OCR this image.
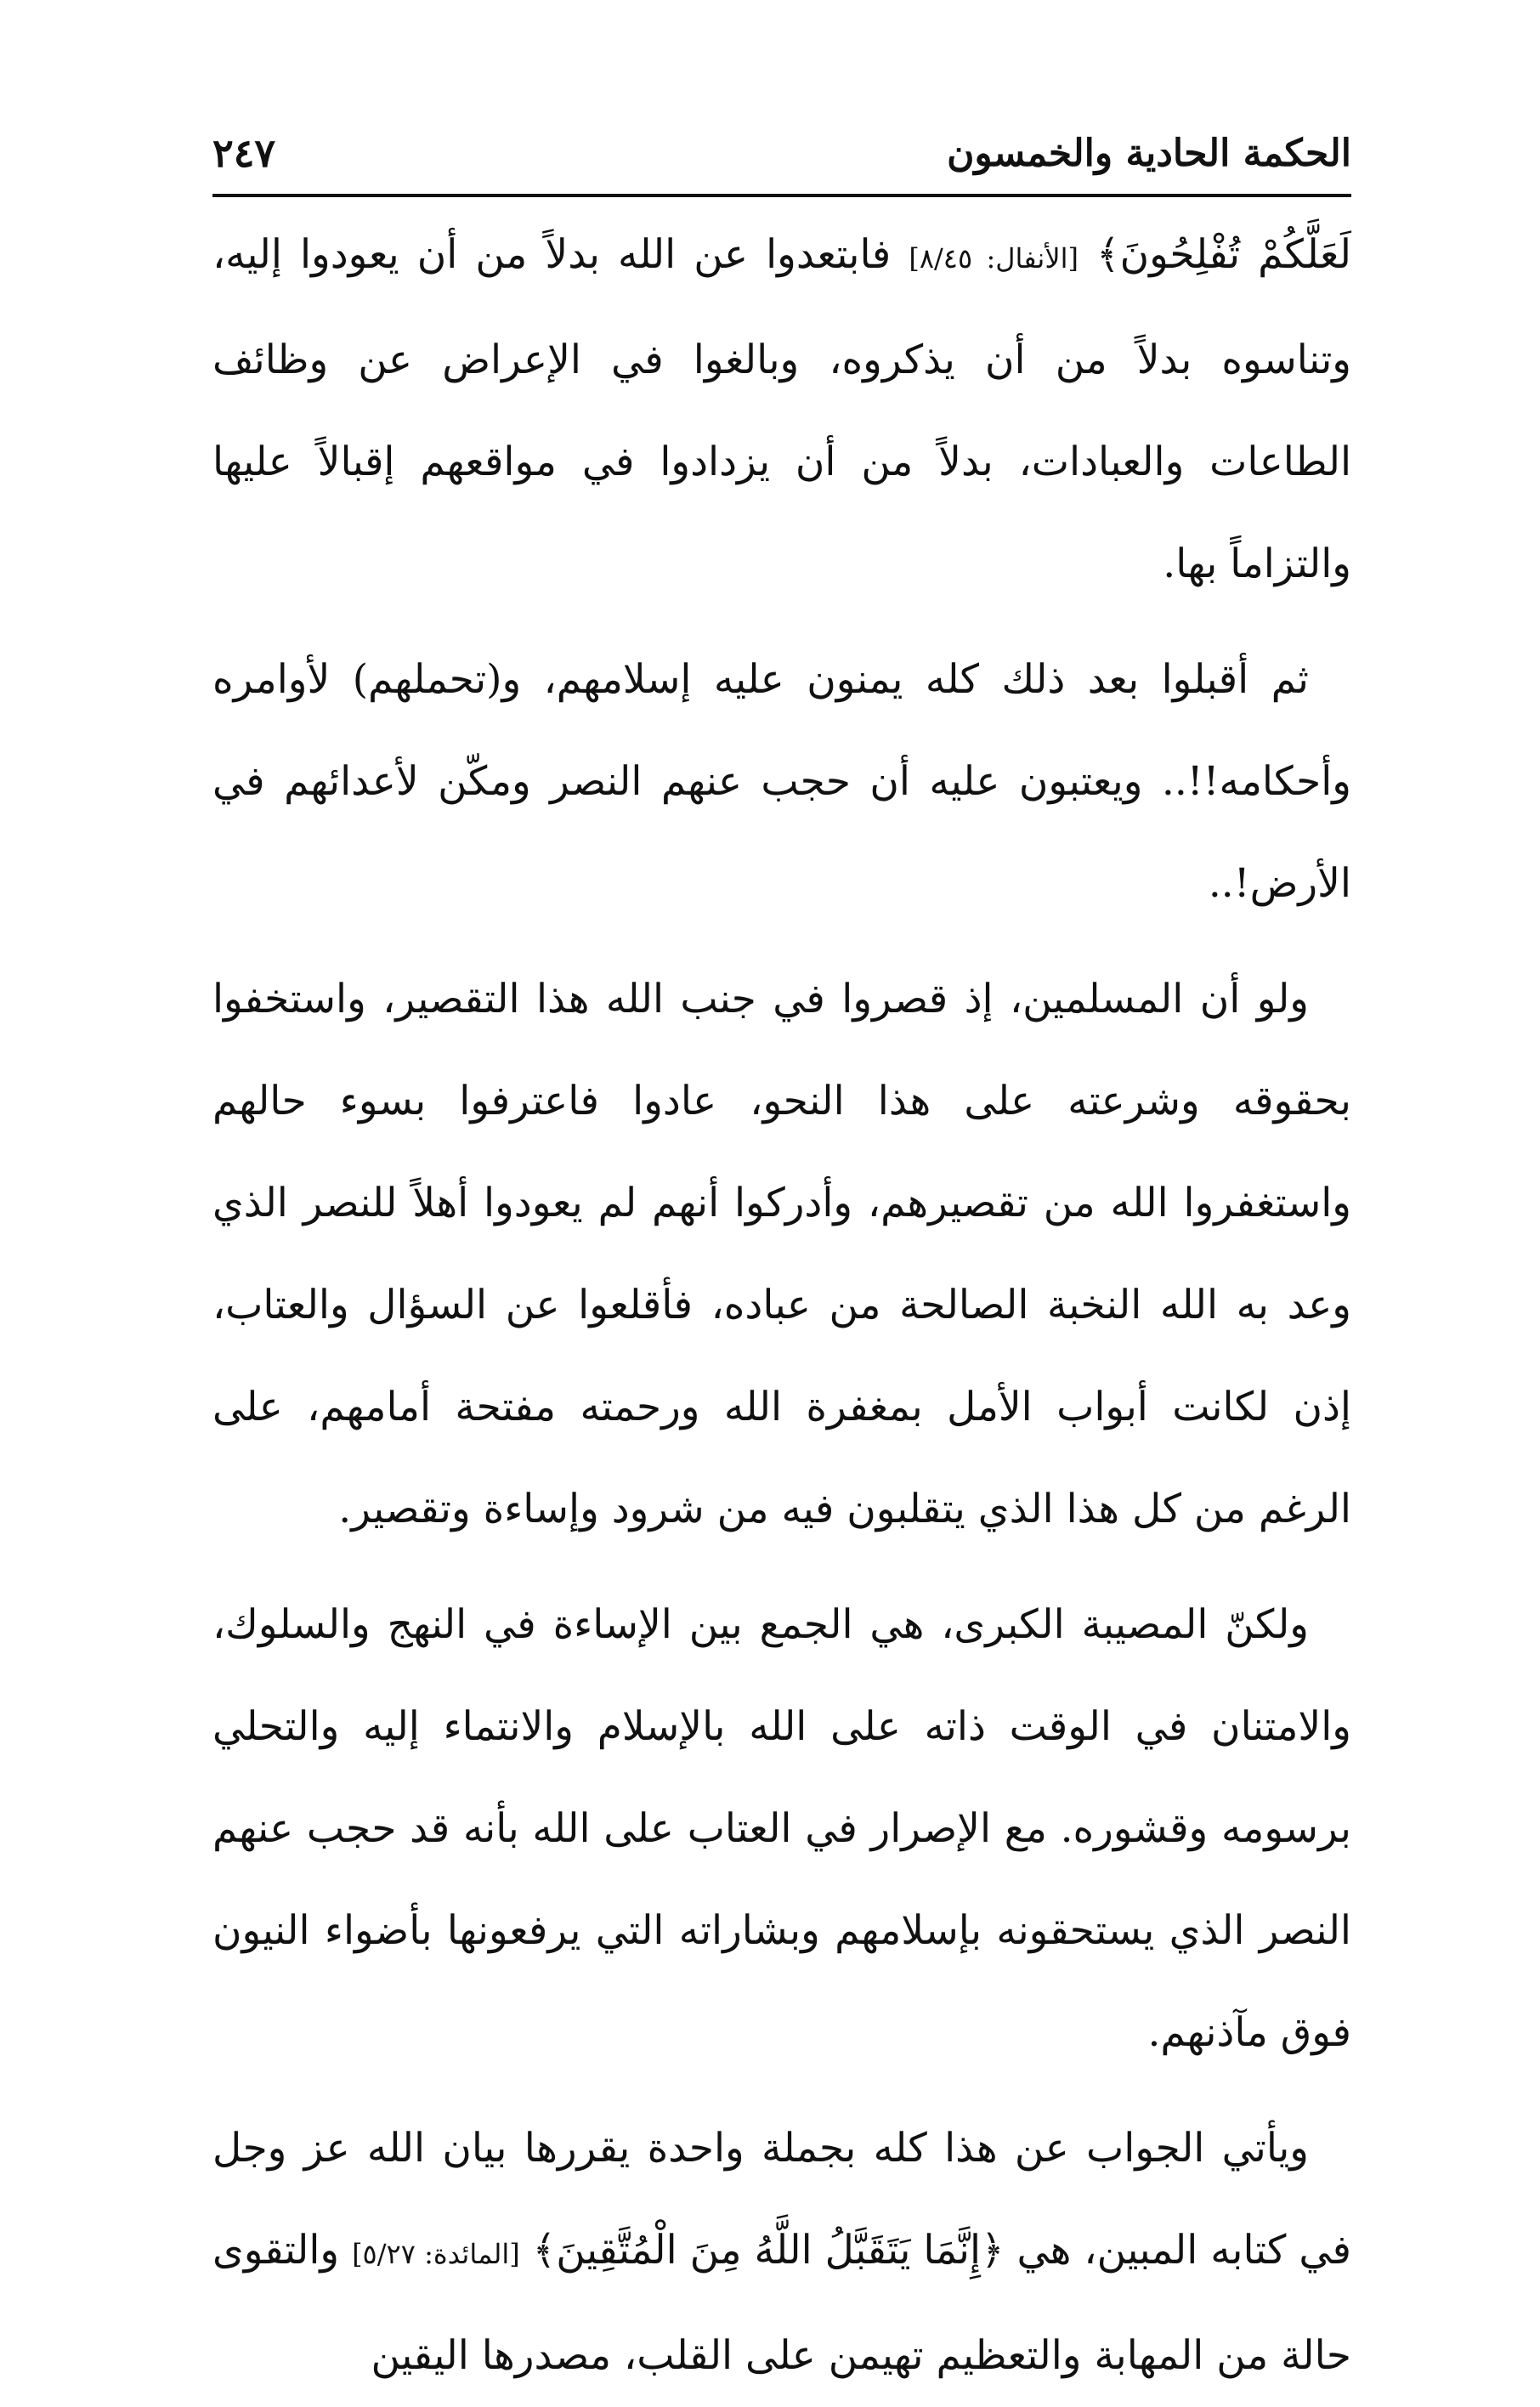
الحكمة الحادية والخمسون
٢٤٧

لَعَلَّكُمْ تُفْلِحُونَ﴾ [الأنفال: ٨/٤٥] فابتعدوا عن الله بدلاً من أن يعودوا إليه، وتناسوه بدلاً من أن يذكروه، وبالغوا في الإعراض عن وظائف الطاعات والعبادات، بدلاً من أن يزدادوا في مواقعهم إقبالاً عليها والتزاماً بها.

ثم أقبلوا بعد ذلك كله يمنون عليه إسلامهم، و(تحملهم) لأوامره وأحكامه!!.. ويعتبون عليه أن حجب عنهم النصر ومكّن لأعدائهم في الأرض!..

ولو أن المسلمين، إذ قصروا في جنب الله هذا التقصير، واستخفوا بحقوقه وشرعته على هذا النحو، عادوا فاعترفوا بسوء حالهم واستغفروا الله من تقصيرهم، وأدركوا أنهم لم يعودوا أهلاً للنصر الذي وعد به الله النخبة الصالحة من عباده، فأقلعوا عن السؤال والعتاب، إذن لكانت أبواب الأمل بمغفرة الله ورحمته مفتحة أمامهم، على الرغم من كل هذا الذي يتقلبون فيه من شرود وإساءة وتقصير.

ولكنّ المصيبة الكبرى، هي الجمع بين الإساءة في النهج والسلوك، والامتنان في الوقت ذاته على الله بالإسلام والانتماء إليه والتحلي برسومه وقشوره. مع الإصرار في العتاب على الله بأنه قد حجب عنهم النصر الذي يستحقونه بإسلامهم وبشاراته التي يرفعونها بأضواء النيون فوق مآذنهم.

ويأتي الجواب عن هذا كله بجملة واحدة يقررها بيان الله عز وجل في كتابه المبين، هي ﴿إِنَّمَا يَتَقَبَّلُ اللَّهُ مِنَ الْمُتَّقِينَ﴾ [المائدة: ٥/٢٧] والتقوى حالة من المهابة والتعظيم تهيمن على القلب، مصدرها اليقين
